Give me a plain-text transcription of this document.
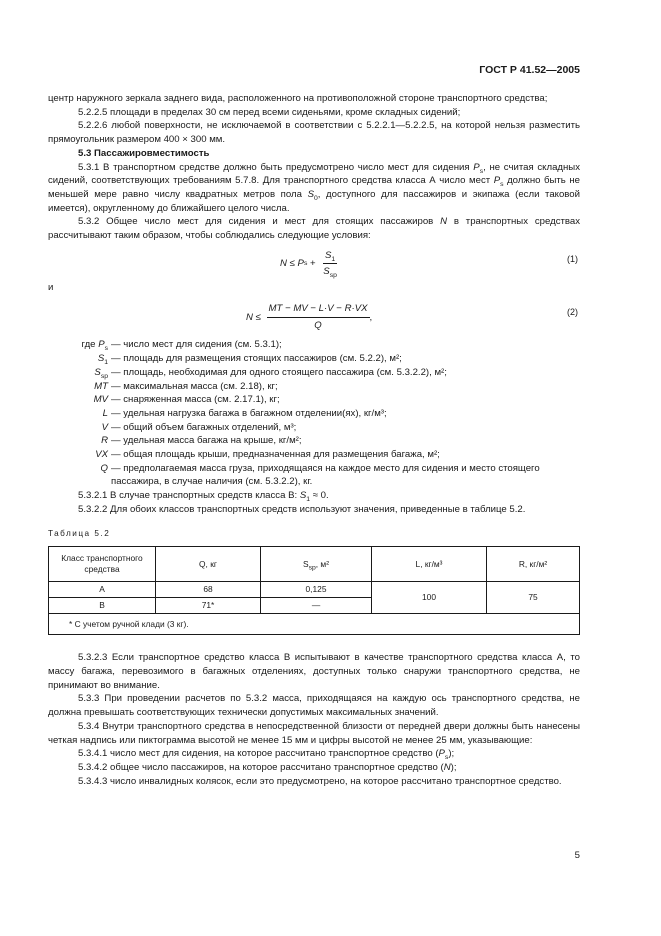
ГОСТ Р 41.52—2005

центр наружного зеркала заднего вида, расположенного на противоположной стороне транспортного средства;

5.2.2.5 площади в пределах 30 см перед всеми сиденьями, кроме складных сидений;

5.2.2.6 любой поверхности, не исключаемой в соответствии с 5.2.2.1—5.2.2.5, на которой нельзя разместить прямоугольник размером 400 × 300 мм.

5.3 Пассажировместимость

5.3.1 В транспортном средстве должно быть предусмотрено число мест для сидения $P_s$, не считая складных сидений, соответствующих требованиям 5.7.8. Для транспортного средства класса А число мест $P_s$ должно быть не меньшей мере равно числу квадратных метров пола $S_0$, доступного для пассажиров и экипажа (если таковой имеется), округленному до ближайшего целого числа.

5.3.2 Общее число мест для сидения и мест для стоящих пассажиров N в транспортных средствах рассчитывают таким образом, чтобы соблюдались следующие условия:

N ≤ P $s + \frac{S_1}{S_{sp}}$	(1)

и

$N \le \frac{MT - MV - L\cdot V - R\cdot VX}{Q}$ ,	(2)
где $P_s$ — число мест для сидения (см. 5.3.1);
$S_1$ — площадь для размещения стоящих пассажиров (см. 5.2.2), м²;
$S_{sp}$ — площадь, необходимая для одного стоящего пассажира (см. 5.3.2.2), м²;
MT — максимальная масса (см. 2.18), кг;
MV — снаряженная масса (см. 2.17.1), кг;
L — удельная нагрузка багажа в багажном отделении(ях), кг/м³;
V — общий объем багажных отделений, м³;
R — удельная масса багажа на крыше, кг/м²;
VX — общая площадь крыши, предназначенная для размещения багажа, м²;
Q — предполагаемая масса груза, приходящаяся на каждое место для сидения и место стоящего пассажира, в случае наличия (см. 5.3.2.2), кг.

5.3.2.1 В случае транспортных средств класса В: $S_1 \approx 0$.

5.3.2.2 Для обоих классов транспортных средств используют значения, приведенные в таблице 5.2.

Таблица 5.2
Класс транспортного средства	Q, кг	$S_{sp}$, м²	L, кг/м³	R, кг/м²
А	68	0,125	100	75
В	71*	—		
* С учетом ручной клади (3 кг).				

5.3.2.3 Если транспортное средство класса В испытывают в качестве транспортного средства класса А, то массу багажа, перевозимого в багажных отделениях, доступных только снаружи транспортного средства, не принимают во внимание.

5.3.3 При проведении расчетов по 5.3.2 масса, приходящаяся на каждую ось транспортного средства, не должна превышать соответствующих технически допустимых максимальных значений.

5.3.4 Внутри транспортного средства в непосредственной близости от передней двери должны быть нанесены четкая надпись или пиктограмма высотой не менее 15 мм и цифры высотой не менее 25 мм, указывающие:

5.3.4.1 число мест для сидения, на которое рассчитано транспортное средство $(P_s)$;

5.3.4.2 общее число пассажиров, на которое рассчитано транспортное средство (N);

5.3.4.3 число инвалидных колясок, если это предусмотрено, на которое рассчитано транспортное средство.

5
